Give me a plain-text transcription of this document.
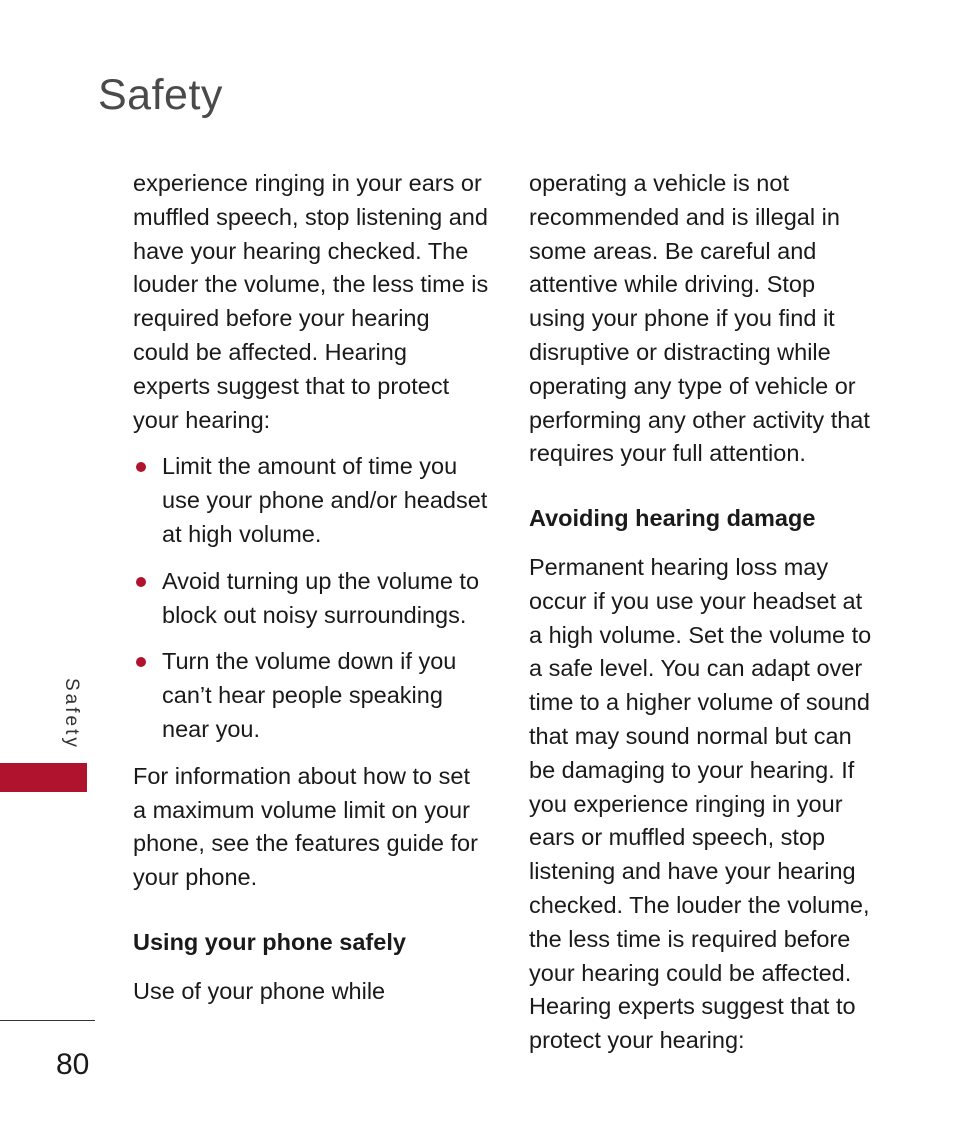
Safety

experience ringing in your ears or muffled speech, stop listening and have your hearing checked. The louder the volume, the less time is required before your hearing could be affected. Hearing experts suggest that to protect your hearing:

Limit the amount of time you use your phone and/or headset at high volume.
Avoid turning up the volume to block out noisy surroundings.
Turn the volume down if you can’t hear people speaking near you.

For information about how to set a maximum volume limit on your phone, see the features guide for your phone.

Using your phone safely

Use of your phone while

operating a vehicle is not recommended and is illegal in some areas. Be careful and attentive while driving. Stop using your phone if you find it disruptive or distracting while operating any type of vehicle or performing any other activity that requires your full attention.

Avoiding hearing damage

Permanent hearing loss may occur if you use your headset at a high volume. Set the volume to a safe level. You can adapt over time to a higher volume of sound that may sound normal but can be damaging to your hearing. If you experience ringing in your ears or muffled speech, stop listening and have your hearing checked. The louder the volume, the less time is required before your hearing could be affected. Hearing experts suggest that to protect your hearing:

Safety
80
